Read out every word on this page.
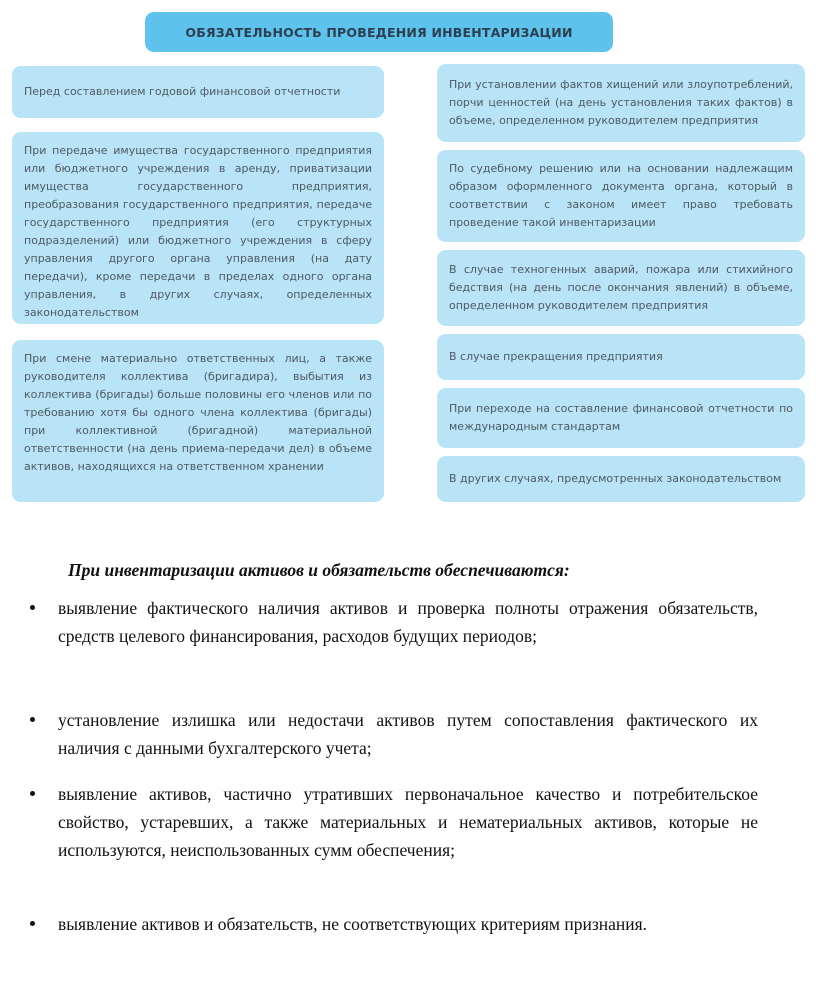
ОБЯЗАТЕЛЬНОСТЬ ПРОВЕДЕНИЯ ИНВЕНТАРИЗАЦИИ
Перед составлением годовой финансовой отчетности
При передаче имущества государственного предприятия или бюджетного учреждения в аренду, приватизации имущества государственного предприятия, преобразования государственного предприятия, передаче государственного предприятия (его структурных подразделений) или бюджетного учреждения в сферу управления другого органа управления (на дату передачи), кроме передачи в пределах одного органа управления, в других случаях, определенных законодательством
При смене материально ответственных лиц, а также руководителя коллектива (бригадира), выбытия из коллектива (бригады) больше половины его членов или по требованию хотя бы одного члена коллектива (бригады) при коллективной (бригадной) материальной ответственности (на день приема-передачи дел) в объеме активов, находящихся на ответственном хранении
При установлении фактов хищений или злоупотреблений, порчи ценностей (на день установления таких фактов) в объеме, определенном руководителем предприятия
По судебному решению или на основании надлежащим образом оформленного документа органа, который в соответствии с законом имеет право требовать проведение такой инвентаризации
В случае техногенных аварий, пожара или стихийного бедствия (на день после окончания явлений) в объеме, определенном руководителем предприятия
В случае прекращения предприятия
При переходе на составление финансовой отчетности по международным стандартам
В других случаях, предусмотренных законодательством
При инвентаризации активов и обязательств обеспечиваются:
выявление фактического наличия активов и проверка полноты отражения обязательств, средств целевого финансирования, расходов будущих периодов;
установление излишка или недостачи активов путем сопоставления фактического их наличия с данными бухгалтерского учета;
выявление активов, частично утративших первоначальное качество и потребительское свойство, устаревших, а также материальных и нематериальных активов, которые не используются, неиспользованных сумм обеспечения;
выявление активов и обязательств, не соответствующих критериям признания.
